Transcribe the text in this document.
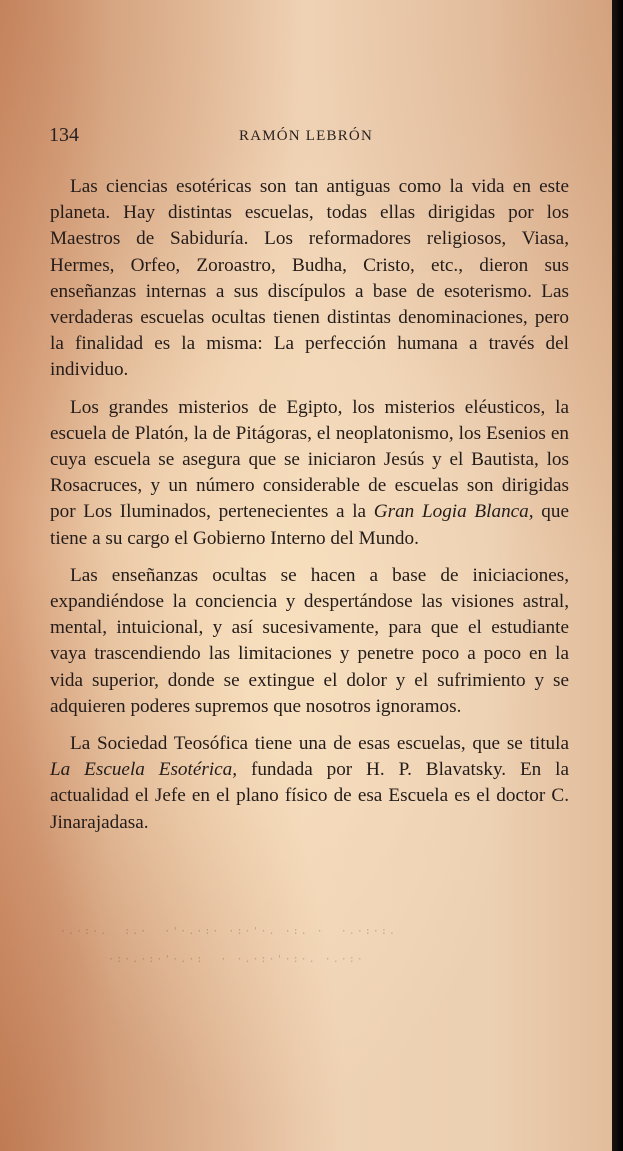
134	RAMÓN LEBRÓN

Las ciencias esotéricas son tan antiguas como la vida en este planeta. Hay distintas escuelas, todas ellas dirigidas por los Maestros de Sabiduría. Los reformadores religiosos, Viasa, Hermes, Orfeo, Zoroastro, Budha, Cristo, etc., dieron sus enseñanzas internas a sus discípulos a base de esoterismo. Las verdaderas escuelas ocultas tienen distintas denominaciones, pero la finalidad es la misma: La perfección humana a través del individuo.

Los grandes misterios de Egipto, los misterios eléusticos, la escuela de Platón, la de Pitágoras, el neoplatonismo, los Esenios en cuya escuela se asegura que se iniciaron Jesús y el Bautista, los Rosacruces, y un número considerable de escuelas son dirigidas por Los Iluminados, pertenecientes a la Gran Logia Blanca, que tiene a su cargo el Gobierno Interno del Mundo.

Las enseñanzas ocultas se hacen a base de iniciaciones, expandiéndose la conciencia y despertándose las visiones astral, mental, intuicional, y así sucesivamente, para que el estudiante vaya trascendiendo las limitaciones y penetre poco a poco en la vida superior, donde se extingue el dolor y el sufrimiento y se adquieren poderes supremos que nosotros ignoramos.

La Sociedad Teosófica tiene una de esas escuelas, que se titula La Escuela Esotérica, fundada por H. P. Blavatsky. En la actualidad el Jefe en el plano físico de esa Escuela es el doctor C. Jinarajadasa.

·.·:·.  :.·  ·'·.·:· ·:·'·. ·:. ·  ·.·:·:.
·:·.·:·'·.·:  · ·.·:·'·:·. ·.·:·
